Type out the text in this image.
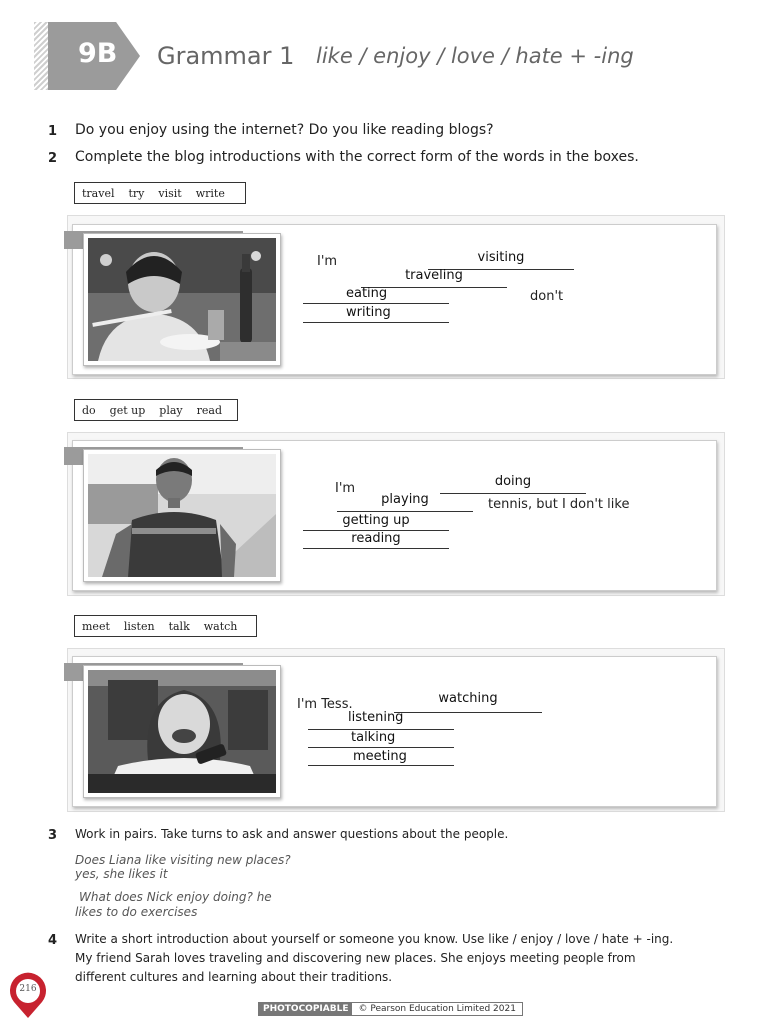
9B Grammar 1 like / enjoy / love / hate + -ing
1 Do you enjoy using the internet? Do you like reading blogs?
2 Complete the blog introductions with the correct form of the words in the boxes.
travel try visit write
I'm	visiting
traveling
eating	don't
writing
do get up play read
I'm	doing
playing	tennis, but I don't like
getting up
reading
meet listen talk watch
I'm Tess.	watching
listening
talking
meeting
3 Work in pairs. Take turns to ask and answer questions about the people.
Does Liana like visiting new places?
yes, she likes it
What does Nick enjoy doing? he
likes to do exercises
4 Write a short introduction about yourself or someone you know. Use like / enjoy / love / hate + -ing.
My friend Sarah loves traveling and discovering new places. She enjoys meeting people from
different cultures and learning about their traditions.
216
PHOTOCOPIABLE	© Pearson Education Limited 2021
